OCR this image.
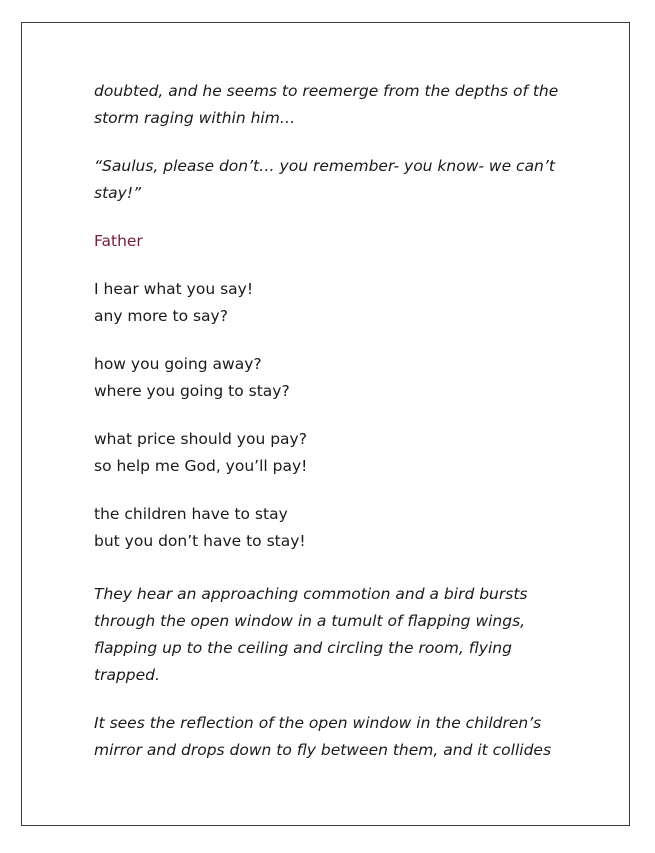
doubted, and he seems to reemerge from the depths of the storm raging within him…

“Saulus, please don’t… you remember- you know- we can’t stay!”

Father

I hear what you say!
any more to say?
how you going away?
where you going to stay?
what price should you pay?
so help me God, you’ll pay!
the children have to stay
but you don’t have to stay!

They hear an approaching commotion and a bird bursts through the open window in a tumult of flapping wings, flapping up to the ceiling and circling the room, flying trapped.

It sees the reflection of the open window in the children’s mirror and drops down to fly between them, and it collides
